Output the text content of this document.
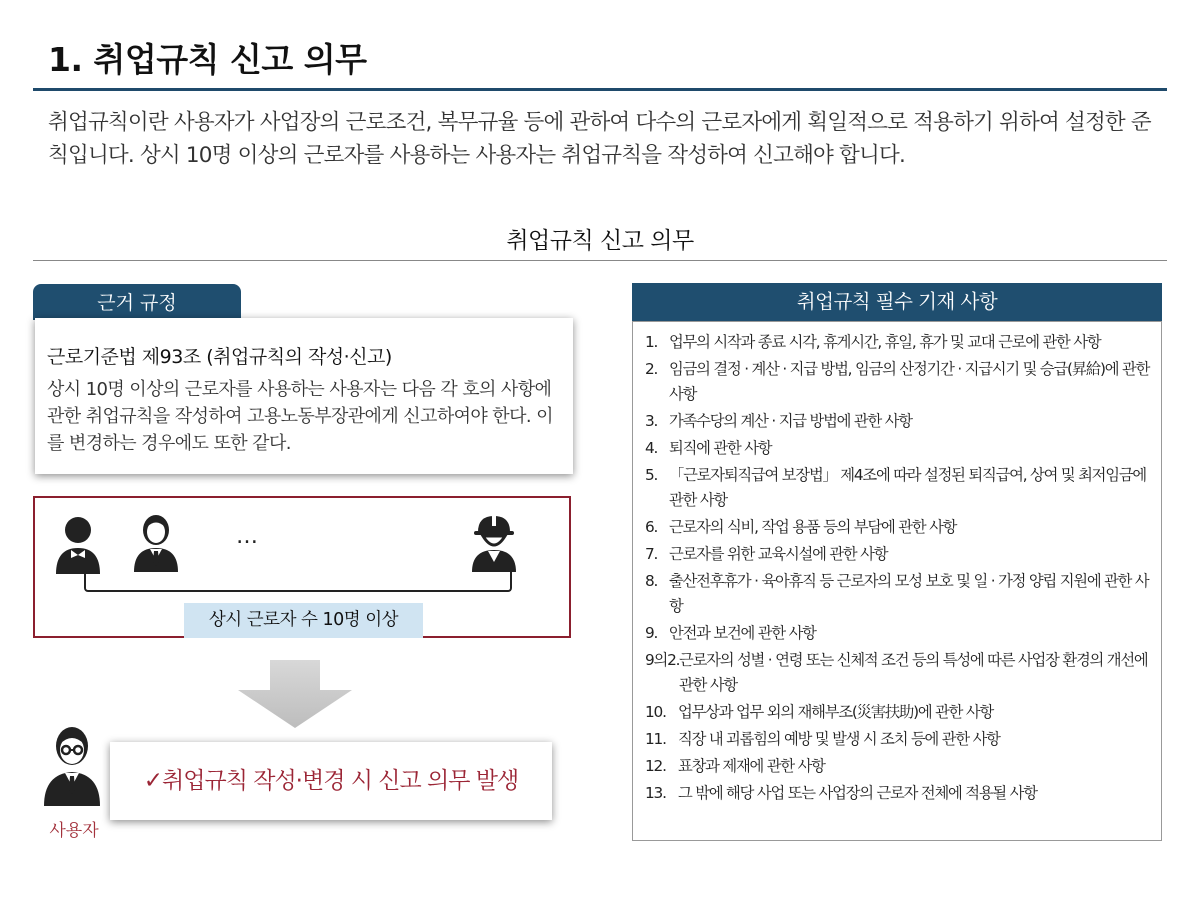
1. 취업규칙 신고 의무
취업규칙이란 사용자가 사업장의 근로조건, 복무규율 등에 관하여 다수의 근로자에게 획일적으로 적용하기 위하여 설정한 준칙입니다. 상시 10명 이상의 근로자를 사용하는 사용자는 취업규칙을 작성하여 신고해야 합니다.
취업규칙 신고 의무
근거 규정
근로기준법 제93조 (취업규칙의 작성·신고)
상시 10명 이상의 근로자를 사용하는 사용자는 다음 각 호의 사항에 관한 취업규칙을 작성하여 고용노동부장관에게 신고하여야 한다. 이를 변경하는 경우에도 또한 같다.
…
상시 근로자 수 10명 이상
사용자
✓취업규칙 작성·변경 시 신고 의무 발생
취업규칙 필수 기재 사항
1. 업무의 시작과 종료 시각, 휴게시간, 휴일, 휴가 및 교대 근로에 관한 사항
2. 임금의 결정 · 계산 · 지급 방법, 임금의 산정기간 · 지급시기 및 승급(昇給)에 관한 사항
3. 가족수당의 계산 · 지급 방법에 관한 사항
4. 퇴직에 관한 사항
5. 「근로자퇴직급여 보장법」 제4조에 따라 설정된 퇴직급여, 상여 및 최저임금에 관한 사항
6. 근로자의 식비, 작업 용품 등의 부담에 관한 사항
7. 근로자를 위한 교육시설에 관한 사항
8. 출산전후휴가 · 육아휴직 등 근로자의 모성 보호 및 일 · 가정 양립 지원에 관한 사항
9. 안전과 보건에 관한 사항
9의2. 근로자의 성별 · 연령 또는 신체적 조건 등의 특성에 따른 사업장 환경의 개선에 관한 사항
10. 업무상과 업무 외의 재해부조(災害扶助)에 관한 사항
11. 직장 내 괴롭힘의 예방 및 발생 시 조치 등에 관한 사항
12. 표창과 제재에 관한 사항
13. 그 밖에 해당 사업 또는 사업장의 근로자 전체에 적용될 사항
